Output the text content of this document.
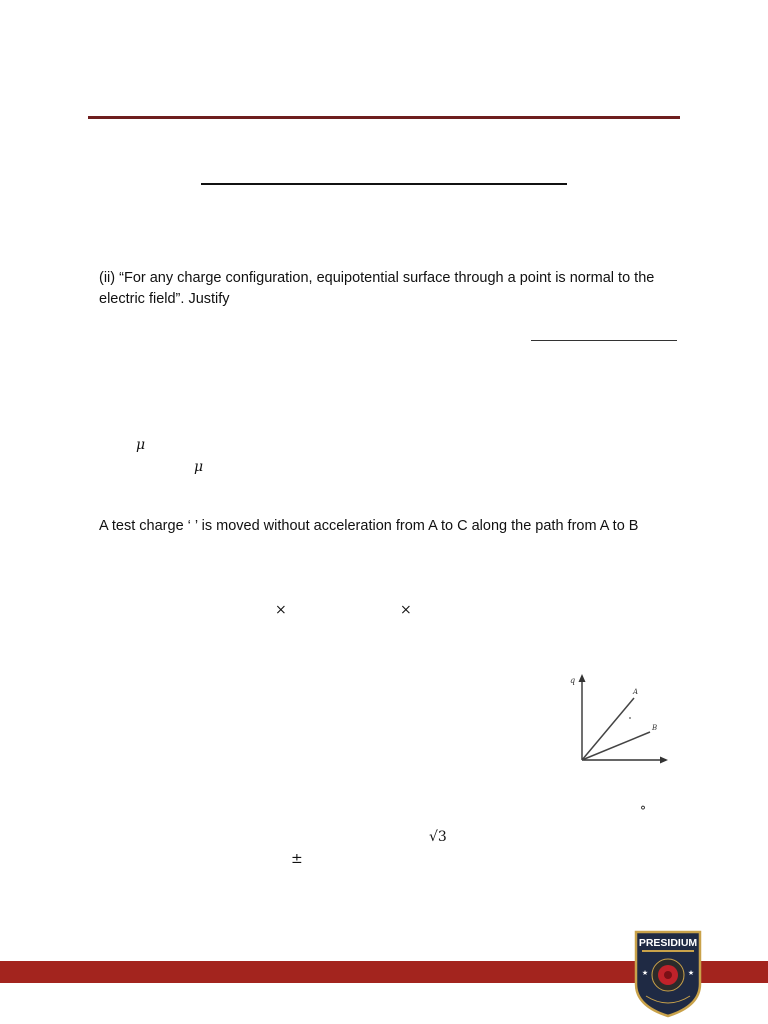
(ii) “For any charge configuration, equipotential surface through a point is normal to the electric field”. Justify
μ
μ
A test charge ‘ ’ is moved without acceleration from A to C along the path from A to B
×	×
q
A
B
°
√3
±
PRESIDIUM
★	★
